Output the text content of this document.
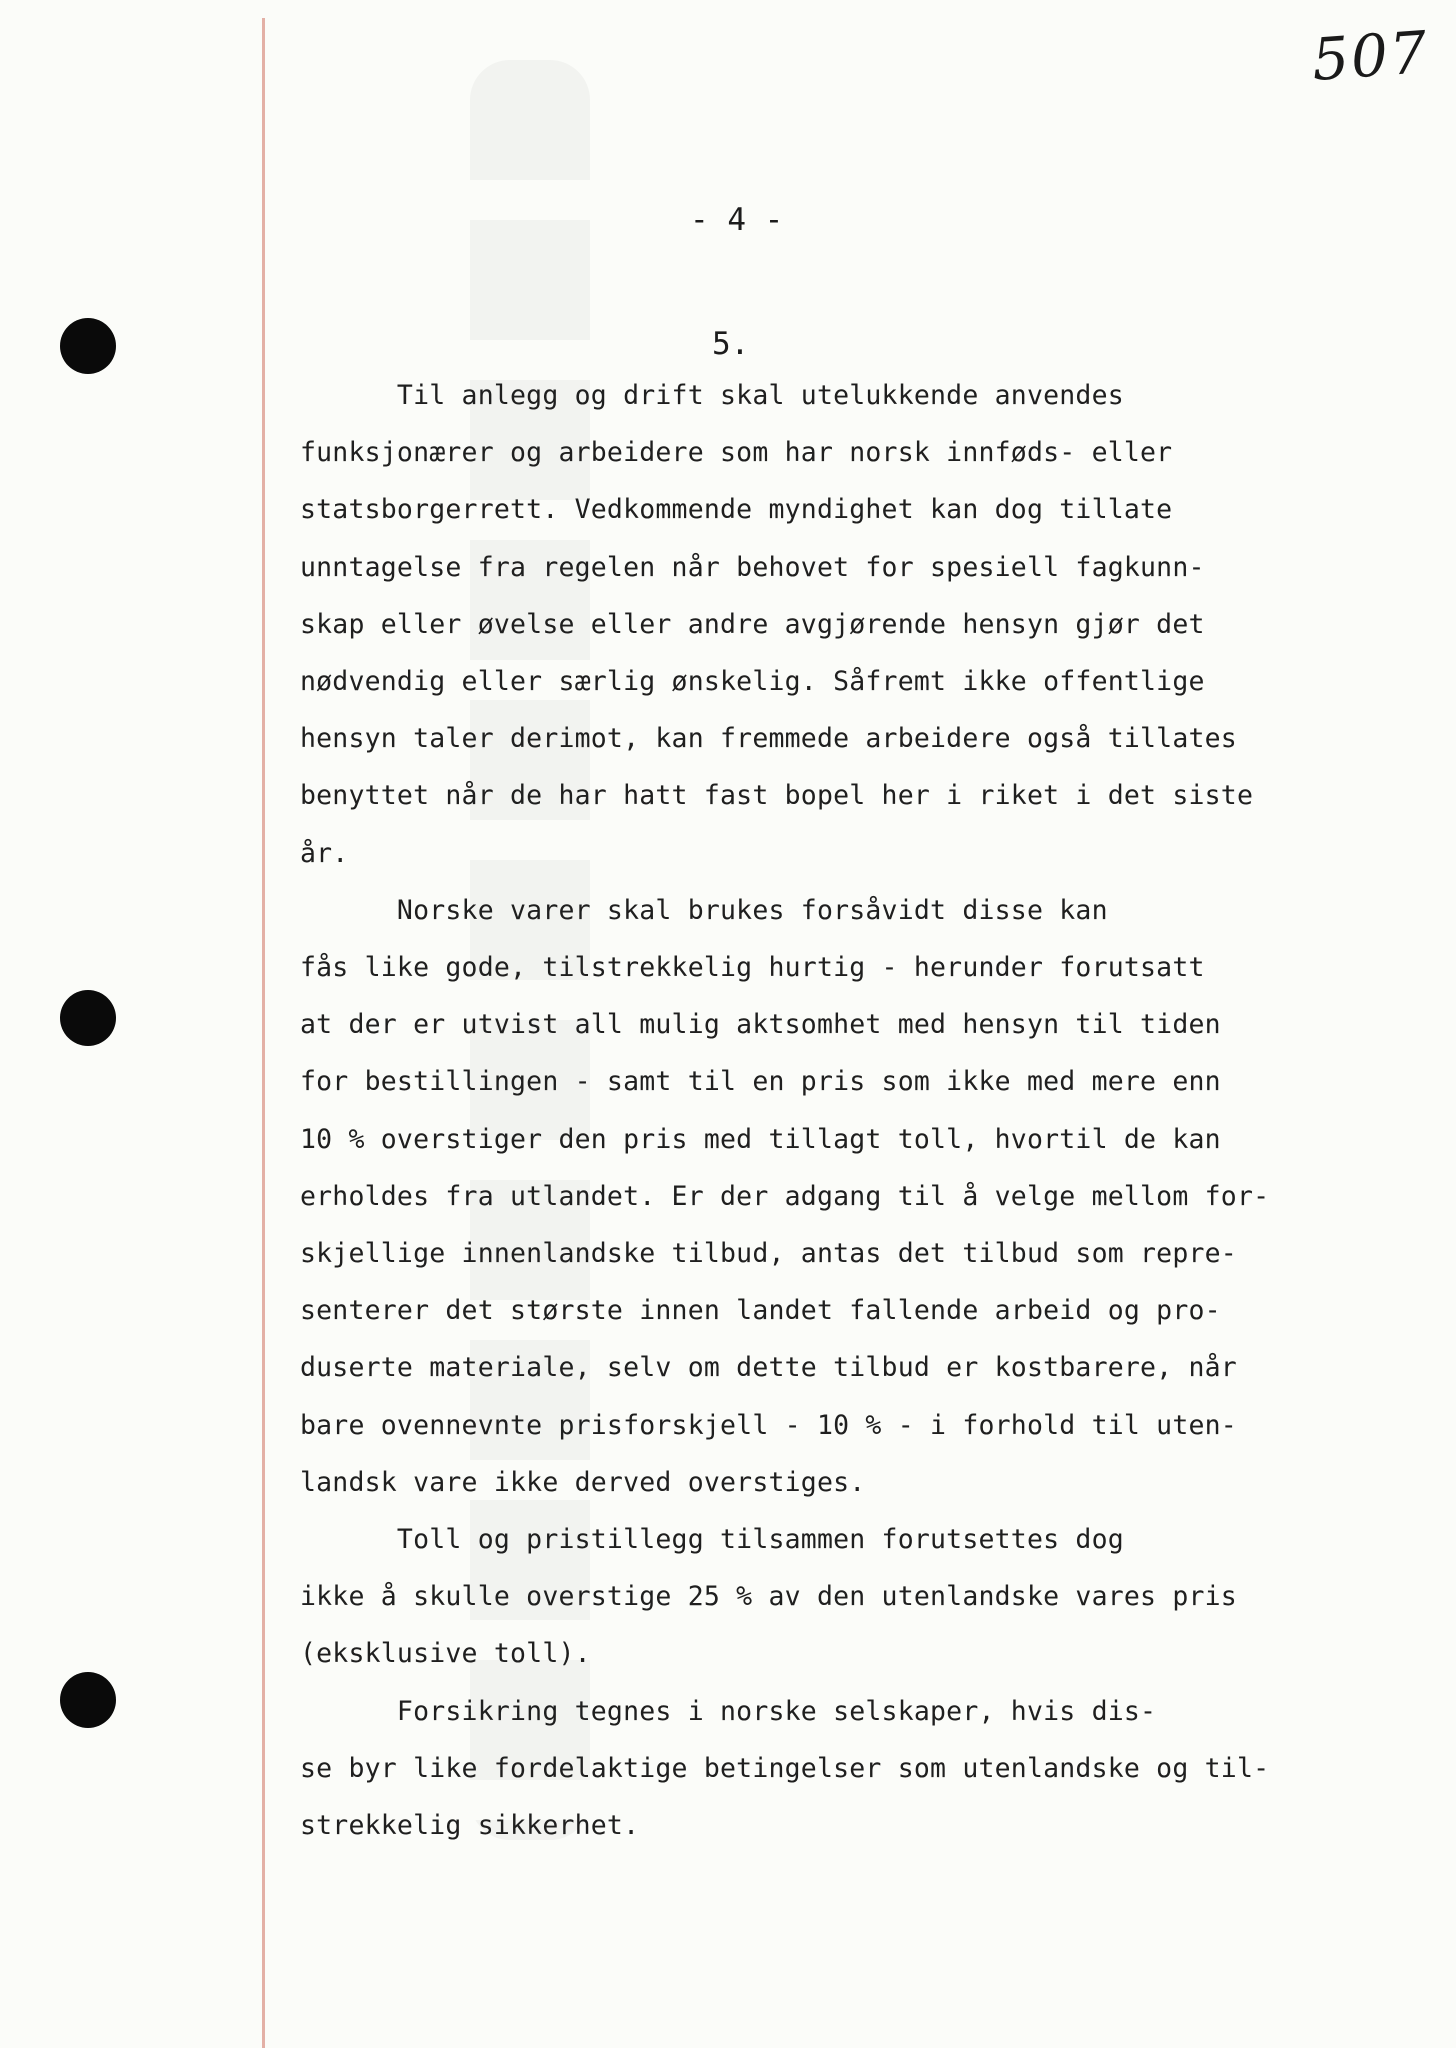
507
- 4 -
5.
Til anlegg og drift skal utelukkende anvendes
funksjonærer og arbeidere som har norsk innføds- eller
statsborgerrett. Vedkommende myndighet kan dog tillate
unntagelse fra regelen når behovet for spesiell fagkunn-
skap eller øvelse eller andre avgjørende hensyn gjør det
nødvendig eller særlig ønskelig. Såfremt ikke offentlige
hensyn taler derimot, kan fremmede arbeidere også tillates
benyttet når de har hatt fast bopel her i riket i det siste
år.
Norske varer skal brukes forsåvidt disse kan
fås like gode, tilstrekkelig hurtig - herunder forutsatt
at der er utvist all mulig aktsomhet med hensyn til tiden
for bestillingen - samt til en pris som ikke med mere enn
10 % overstiger den pris med tillagt toll, hvortil de kan
erholdes fra utlandet. Er der adgang til å velge mellom for-
skjellige innenlandske tilbud, antas det tilbud som repre-
senterer det største innen landet fallende arbeid og pro-
duserte materiale, selv om dette tilbud er kostbarere, når
bare ovennevnte prisforskjell - 10 % - i forhold til uten-
landsk vare ikke derved overstiges.
Toll og pristillegg tilsammen forutsettes dog
ikke å skulle overstige 25 % av den utenlandske vares pris
(eksklusive toll).
Forsikring tegnes i norske selskaper, hvis dis-
se byr like fordelaktige betingelser som utenlandske og til-
strekkelig sikkerhet.
